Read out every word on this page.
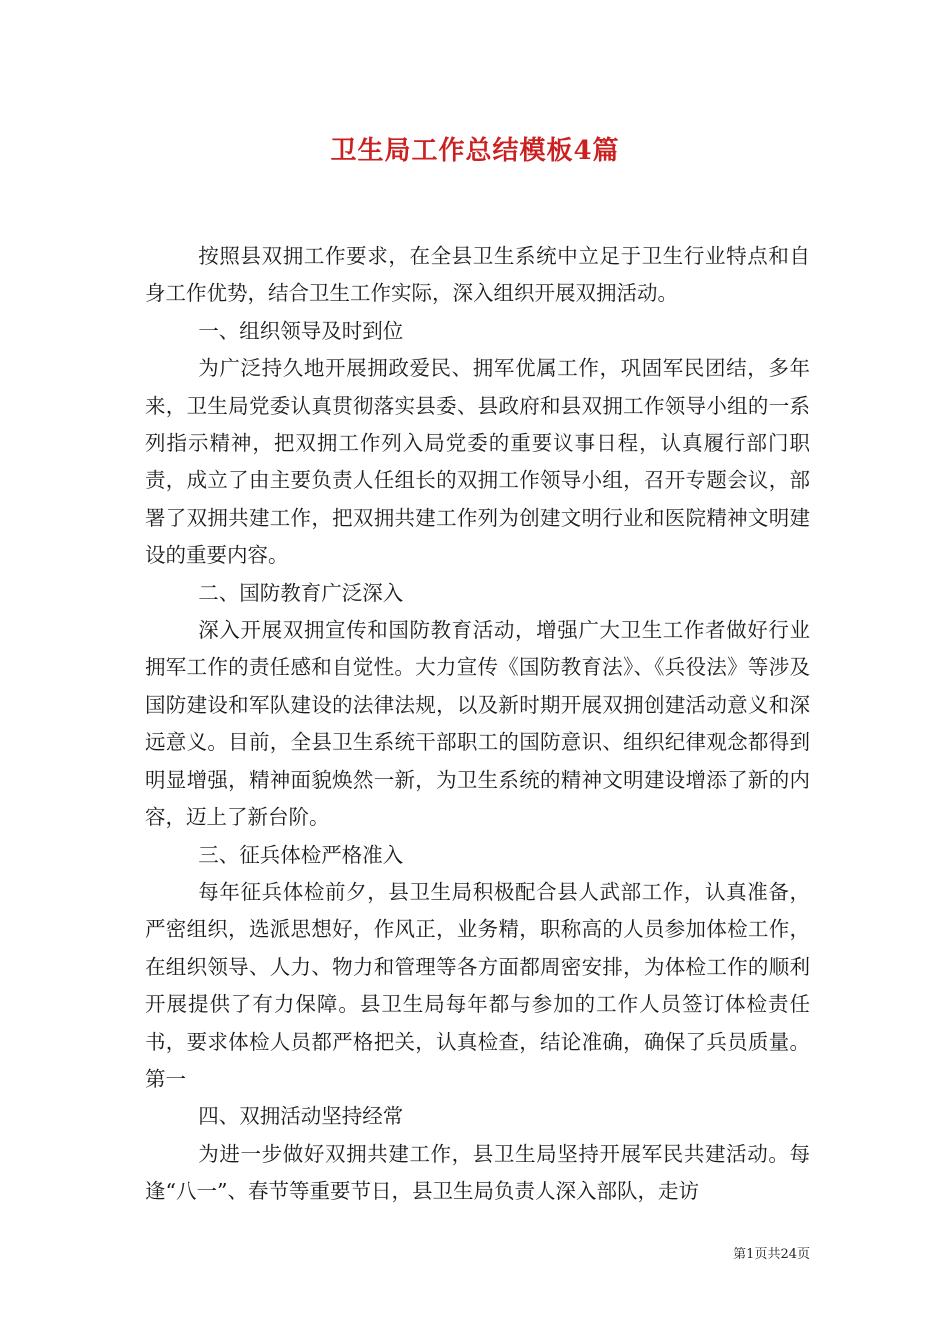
卫生局工作总结模板4篇

按照县双拥工作要求，在全县卫生系统中立足于卫生行业特点和自身工作优势，结合卫生工作实际，深入组织开展双拥活动。

一、组织领导及时到位

为广泛持久地开展拥政爱民、拥军优属工作，巩固军民团结，多年来，卫生局党委认真贯彻落实县委、县政府和县双拥工作领导小组的一系列指示精神，把双拥工作列入局党委的重要议事日程，认真履行部门职责，成立了由主要负责人任组长的双拥工作领导小组，召开专题会议，部署了双拥共建工作，把双拥共建工作列为创建文明行业和医院精神文明建设的重要内容。

二、国防教育广泛深入

深入开展双拥宣传和国防教育活动，增强广大卫生工作者做好行业拥军工作的责任感和自觉性。大力宣传《国防教育法》、《兵役法》等涉及国防建设和军队建设的法律法规，以及新时期开展双拥创建活动意义和深远意义。目前，全县卫生系统干部职工的国防意识、组织纪律观念都得到明显增强，精神面貌焕然一新，为卫生系统的精神文明建设增添了新的内容，迈上了新台阶。

三、征兵体检严格准入

每年征兵体检前夕，县卫生局积极配合县人武部工作，认真准备，严密组织，选派思想好，作风正，业务精，职称高的人员参加体检工作，在组织领导、人力、物力和管理等各方面都周密安排，为体检工作的顺利开展提供了有力保障。县卫生局每年都与参加的工作人员签订体检责任书，要求体检人员都严格把关，认真检查，结论准确，确保了兵员质量。第一

四、双拥活动坚持经常

为进一步做好双拥共建工作，县卫生局坚持开展军民共建活动。每逢“八一”、春节等重要节日，县卫生局负责人深入部队，走访

第1页共24页
